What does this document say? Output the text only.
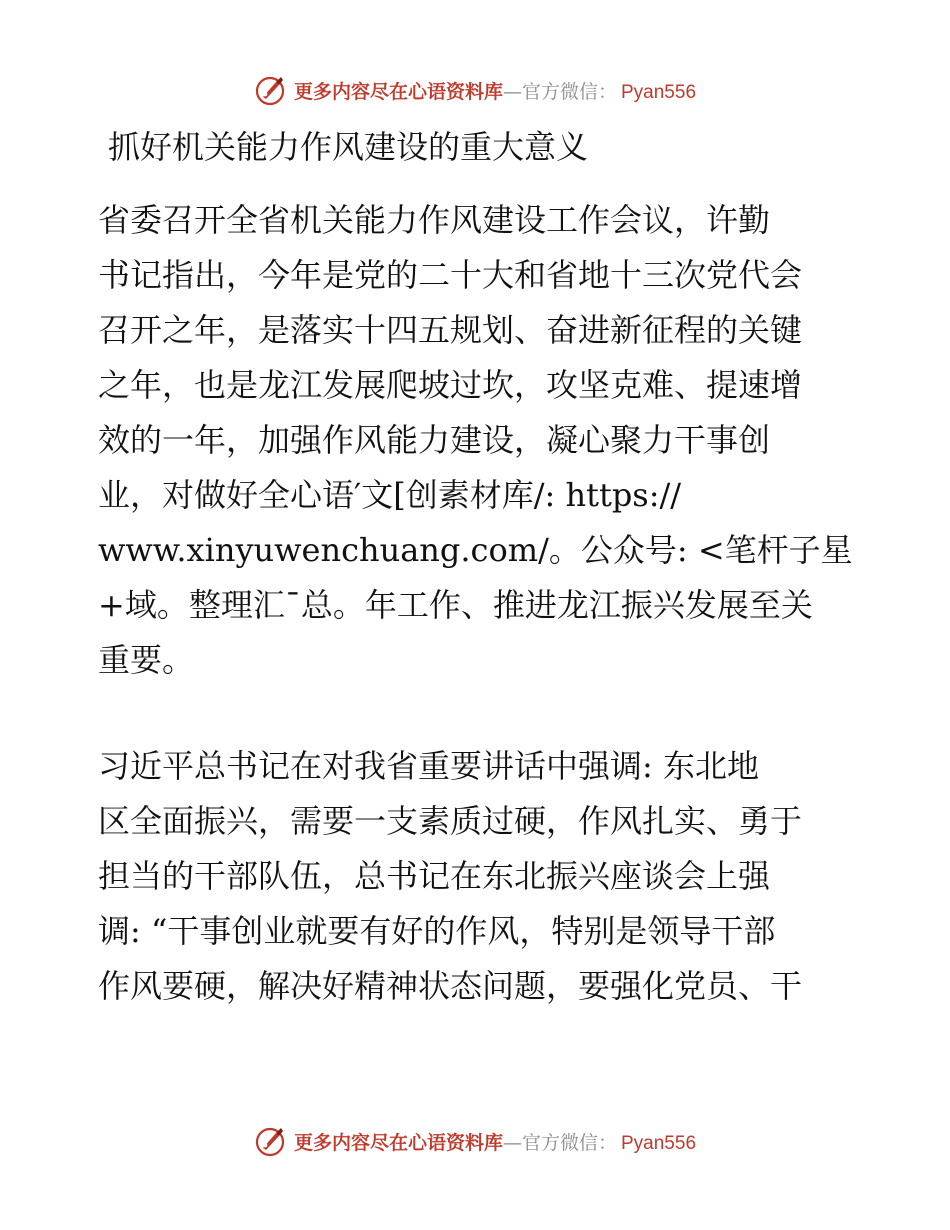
更多内容尽在心语资料库 — 官方微信： Pyan556
抓好机关能力作风建设的重大意义
省委召开全省机关能力作风建设工作会议，许勤
书记指出，今年是党的二十大和省地十三次党代会
召开之年，是落实十四五规划、奋进新征程的关键
之年，也是龙江发展爬坡过坎，攻坚克难、提速增
效的一年，加强作风能力建设，凝心聚力干事创
业，对做好全心语′文[创素材库/: https://
www.xinyuwenchuang.com/。公众号: <笔杆子星
+域。整理汇¯总。年工作、推进龙江振兴发展至关
重要。
习近平总书记在对我省重要讲话中强调: 东北地
区全面振兴，需要一支素质过硬，作风扎实、勇于
担当的干部队伍，总书记在东北振兴座谈会上强
调: “干事创业就要有好的作风，特别是领导干部
作风要硬，解决好精神状态问题，要强化党员、干
更多内容尽在心语资料库 — 官方微信： Pyan556
